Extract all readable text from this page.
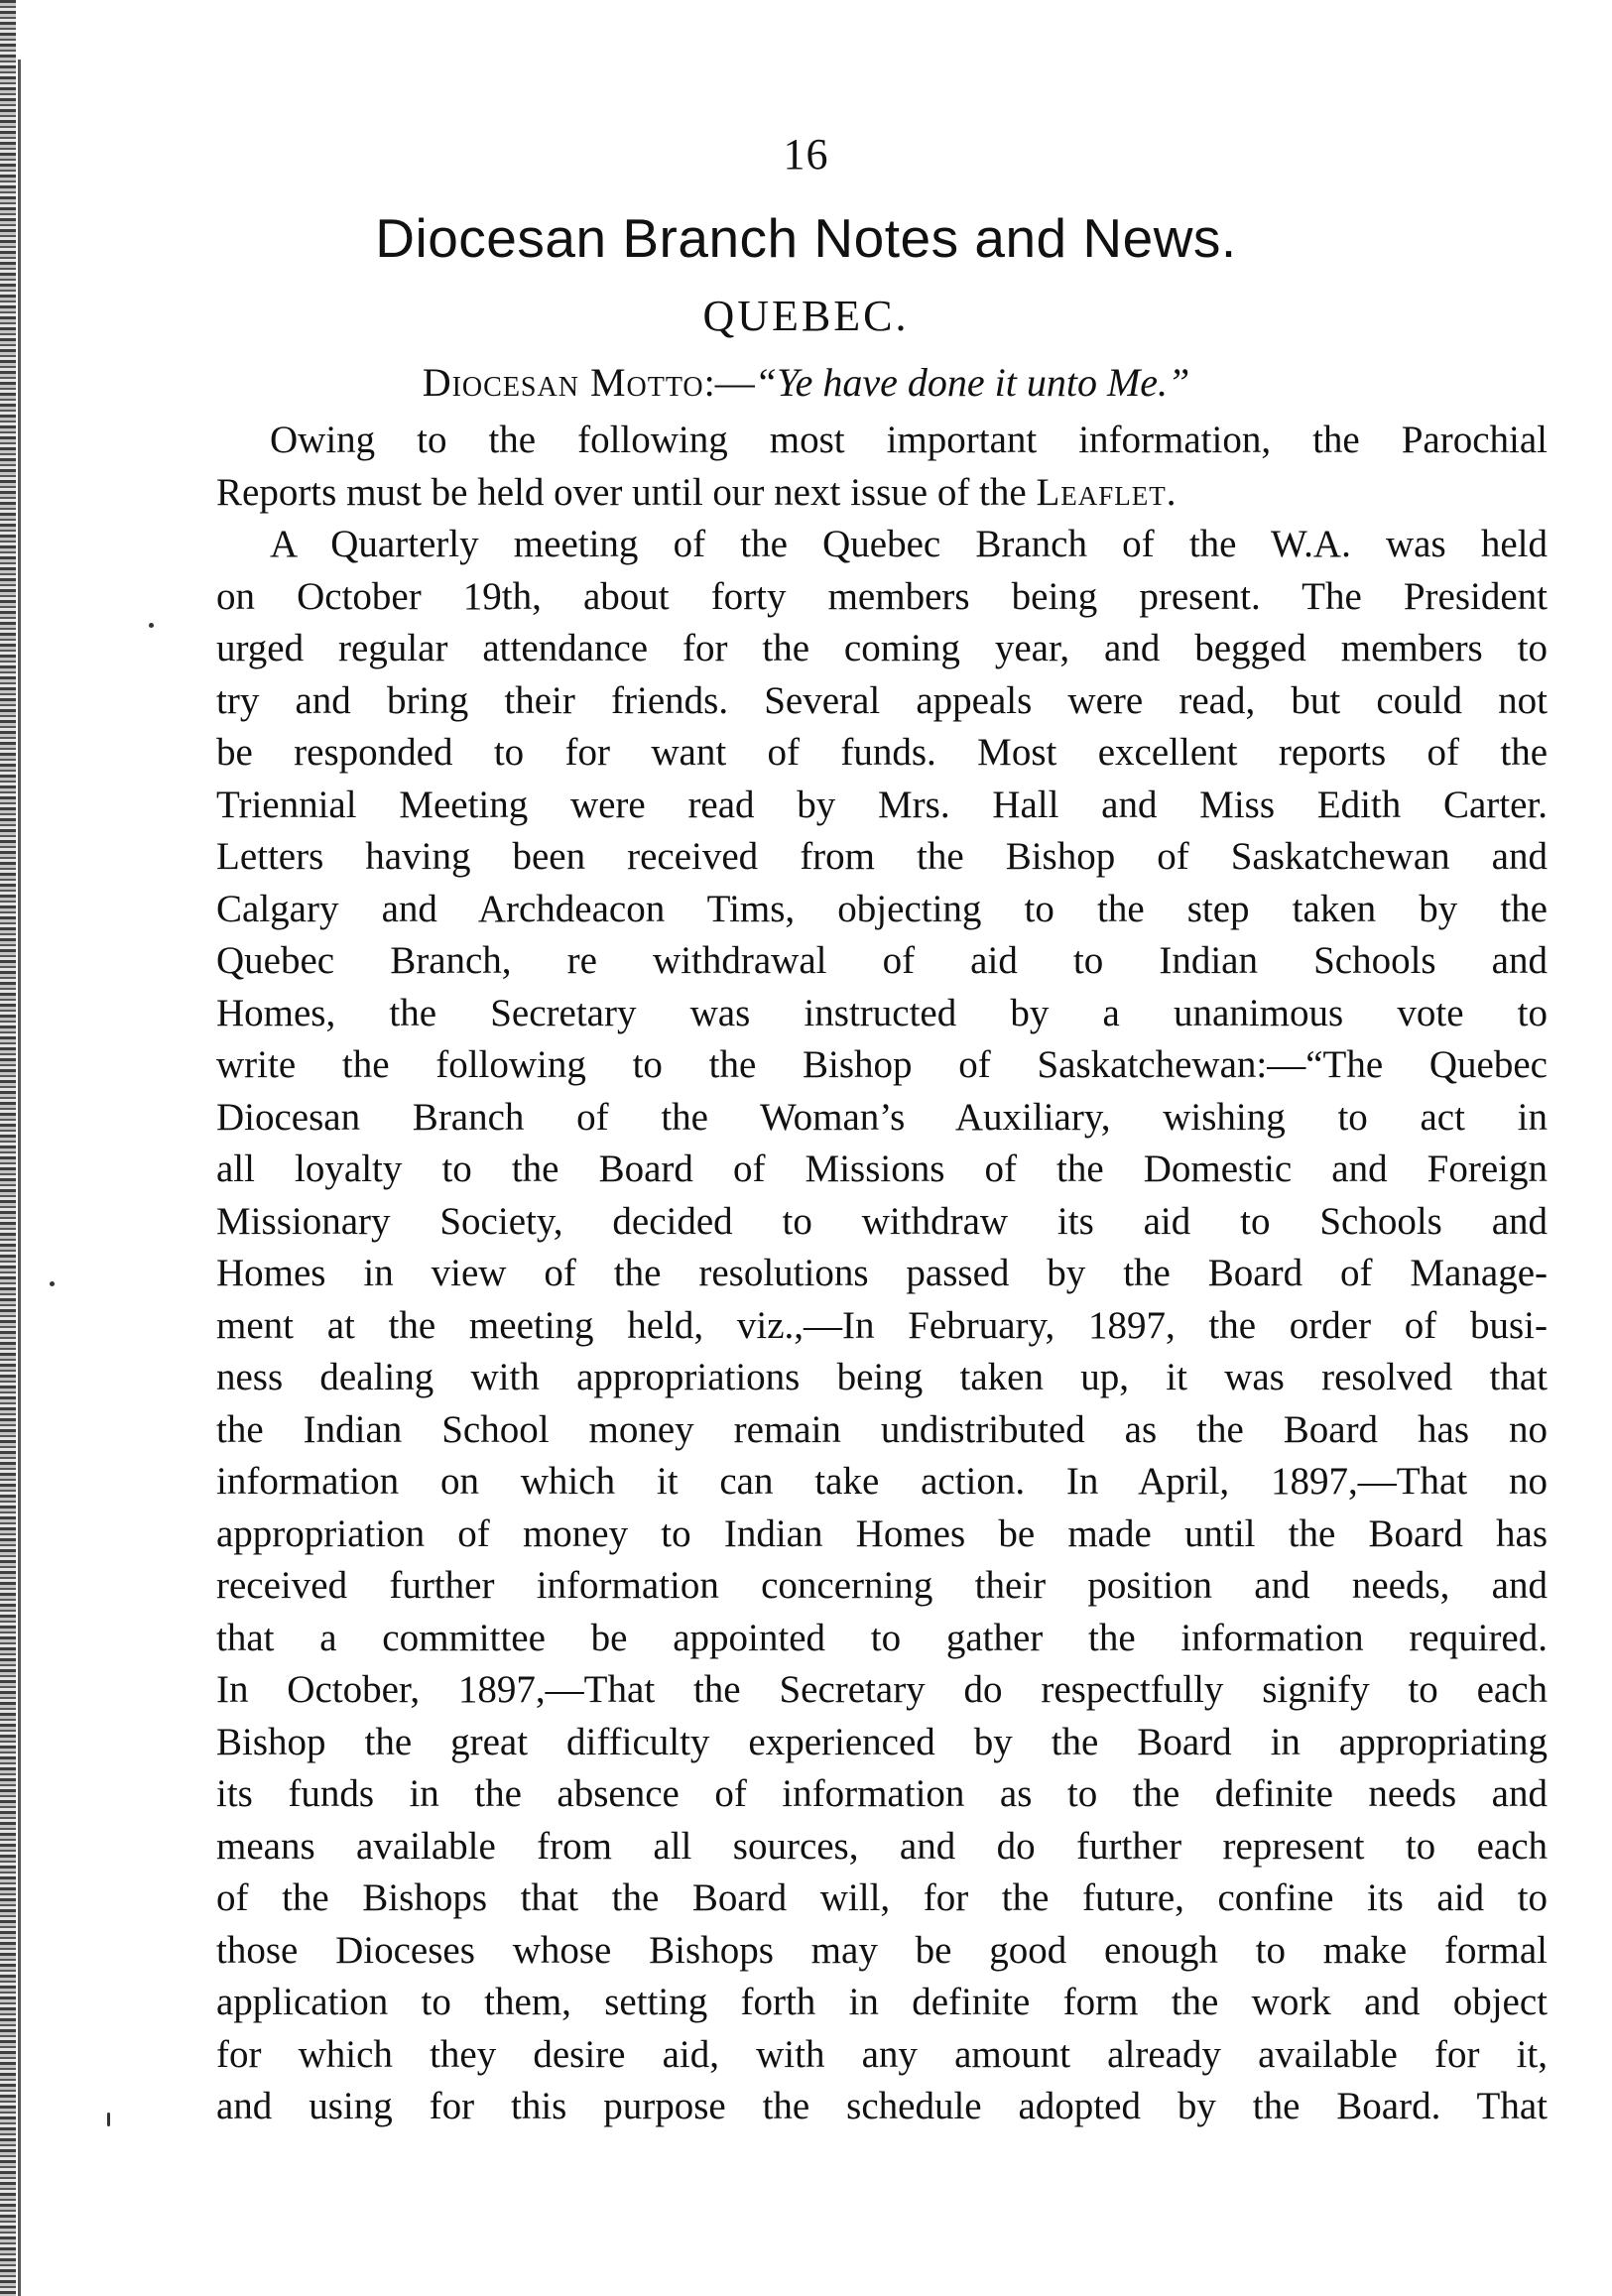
16
Diocesan Branch Notes and News.
QUEBEC.
Diocesan Motto:—“Ye have done it unto Me.”
Owing to the following most important information, the Parochial
Reports must be held over until our next issue of the Leaflet.
A Quarterly meeting of the Quebec Branch of the W.A. was held
on October 19th, about forty members being present. The President
urged regular attendance for the coming year, and begged members to
try and bring their friends. Several appeals were read, but could not
be responded to for want of funds. Most excellent reports of the
Triennial Meeting were read by Mrs. Hall and Miss Edith Carter.
Letters having been received from the Bishop of Saskatchewan and
Calgary and Archdeacon Tims, objecting to the step taken by the
Quebec Branch, re withdrawal of aid to Indian Schools and
Homes, the Secretary was instructed by a unanimous vote to
write the following to the Bishop of Saskatchewan:—“The Quebec
Diocesan Branch of the Woman’s Auxiliary, wishing to act in
all loyalty to the Board of Missions of the Domestic and Foreign
Missionary Society, decided to withdraw its aid to Schools and
Homes in view of the resolutions passed by the Board of Manage-
ment at the meeting held, viz.,—In February, 1897, the order of busi-
ness dealing with appropriations being taken up, it was resolved that
the Indian School money remain undistributed as the Board has no
information on which it can take action. In April, 1897,—That no
appropriation of money to Indian Homes be made until the Board has
received further information concerning their position and needs, and
that a committee be appointed to gather the information required.
In October, 1897,—That the Secretary do respectfully signify to each
Bishop the great difficulty experienced by the Board in appropriating
its funds in the absence of information as to the definite needs and
means available from all sources, and do further represent to each
of the Bishops that the Board will, for the future, confine its aid to
those Dioceses whose Bishops may be good enough to make formal
application to them, setting forth in definite form the work and object
for which they desire aid, with any amount already available for it,
and using for this purpose the schedule adopted by the Board. That
